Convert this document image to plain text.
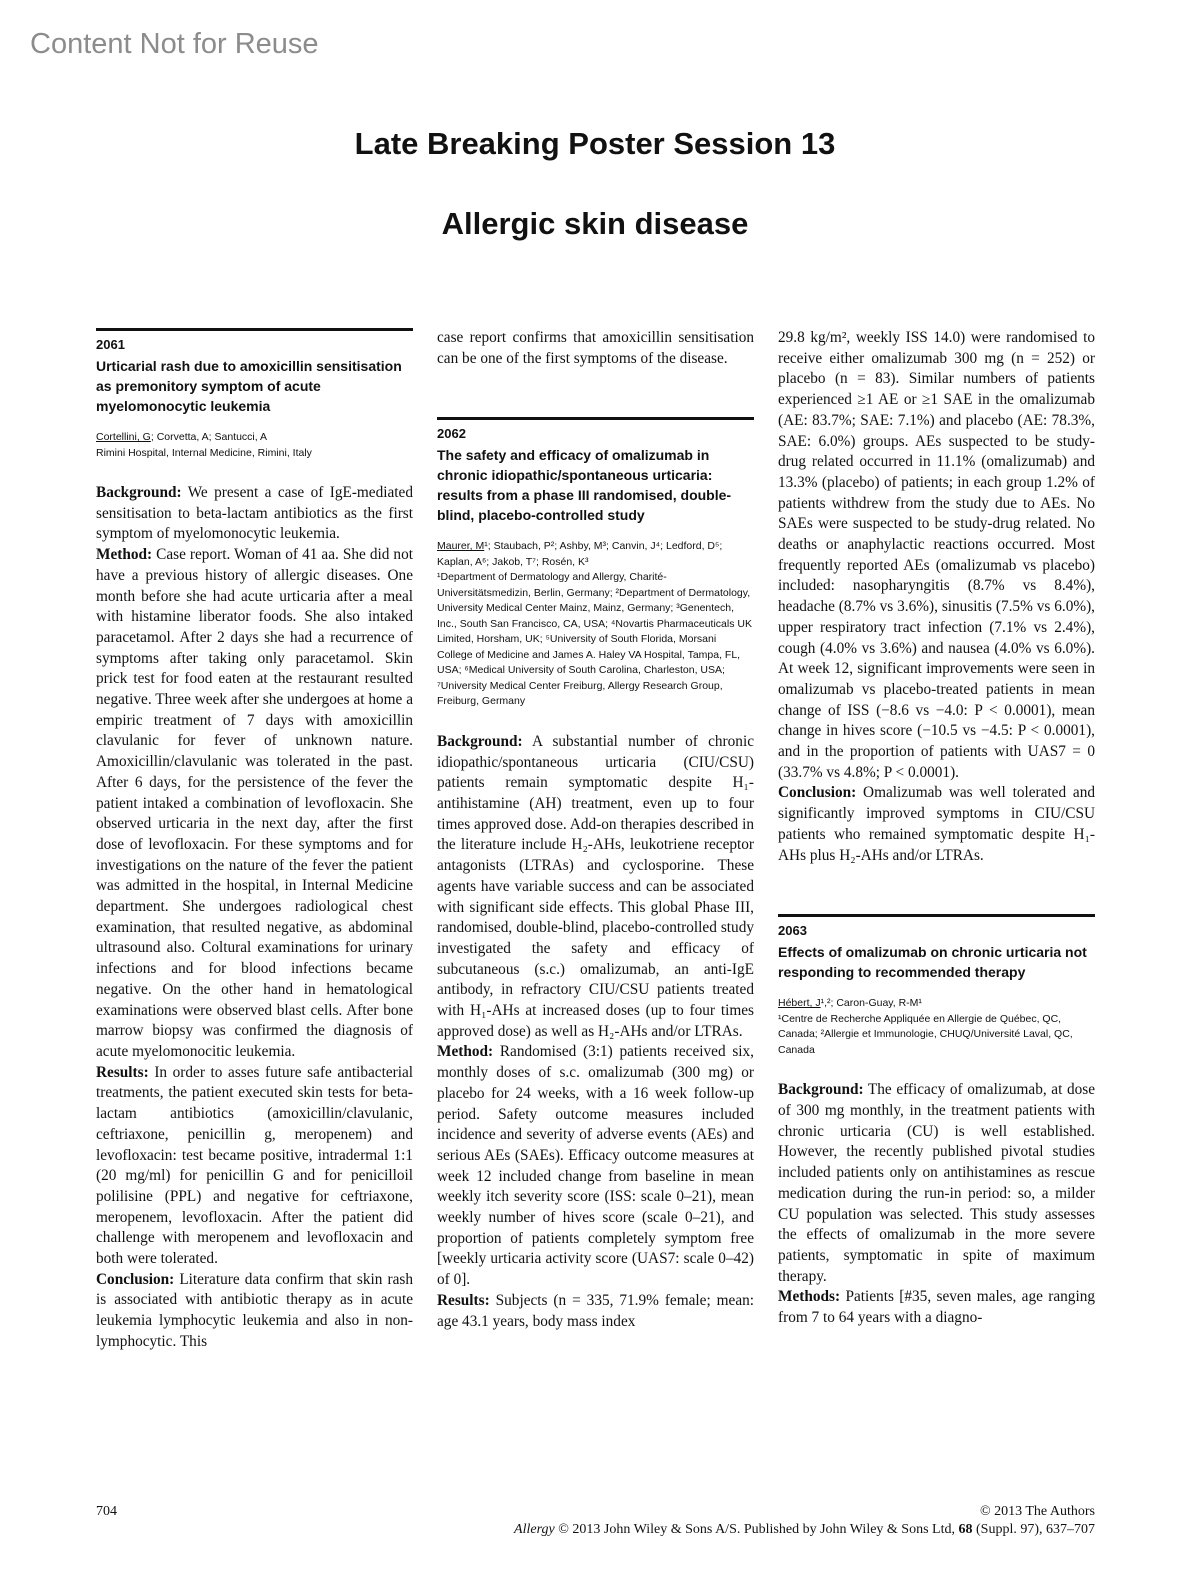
Content Not for Reuse
Late Breaking Poster Session 13
Allergic skin disease
2061
Urticarial rash due to amoxicillin sensitisation as premonitory symptom of acute myelomonocytic leukemia
Cortellini, G; Corvetta, A; Santucci, A
Rimini Hospital, Internal Medicine, Rimini, Italy

Background: We present a case of IgE-mediated sensitisation to beta-lactam antibiotics as the first symptom of myelomonocytic leukemia.

Method: Case report. Woman of 41 aa. She did not have a previous history of allergic diseases. One month before she had acute urticaria after a meal with histamine liberator foods. She also intaked paracetamol. After 2 days she had a recurrence of symptoms after taking only paracetamol. Skin prick test for food eaten at the restaurant resulted negative. Three week after she undergoes at home a empiric treatment of 7 days with amoxicillin clavulanic for fever of unknown nature. Amoxicillin/clavulanic was tolerated in the past. After 6 days, for the persistence of the fever the patient intaked a combination of levofloxacin. She observed urticaria in the next day, after the first dose of levofloxacin. For these symptoms and for investigations on the nature of the fever the patient was admitted in the hospital, in Internal Medicine department. She undergoes radiological chest examination, that resulted negative, as abdominal ultrasound also. Coltural examinations for urinary infections and for blood infections became negative. On the other hand in hematological examinations were observed blast cells. After bone marrow biopsy was confirmed the diagnosis of acute myelomonocitic leukemia.

Results: In order to asses future safe antibacterial treatments, the patient executed skin tests for beta-lactam antibiotics (amoxicillin/clavulanic, ceftriaxone, penicillin g, meropenem) and levofloxacin: test became positive, intradermal 1:1 (20 mg/ml) for penicillin G and for penicilloil polilisine (PPL) and negative for ceftriaxone, meropenem, levofloxacin. After the patient did challenge with meropenem and levofloxacin and both were tolerated.

Conclusion: Literature data confirm that skin rash is associated with antibiotic therapy as in acute leukemia lymphocytic leukemia and also in non-lymphocytic. This

case report confirms that amoxicillin sensitisation can be one of the first symptoms of the disease.

2062
The safety and efficacy of omalizumab in chronic idiopathic/spontaneous urticaria: results from a phase III randomised, double-blind, placebo-controlled study
Maurer, M¹; Staubach, P²; Ashby, M³; Canvin, J⁴; Ledford, D⁵; Kaplan, A⁶; Jakob, T⁷; Rosén, K³
¹Department of Dermatology and Allergy, Charité-Universitätsmedizin, Berlin, Germany; ²Department of Dermatology, University Medical Center Mainz, Mainz, Germany; ³Genentech, Inc., South San Francisco, CA, USA; ⁴Novartis Pharmaceuticals UK Limited, Horsham, UK; ⁵University of South Florida, Morsani College of Medicine and James A. Haley VA Hospital, Tampa, FL, USA; ⁶Medical University of South Carolina, Charleston, USA; ⁷University Medical Center Freiburg, Allergy Research Group, Freiburg, Germany

Background: A substantial number of chronic idiopathic/spontaneous urticaria (CIU/CSU) patients remain symptomatic despite H₁-antihistamine (AH) treatment, even up to four times approved dose. Add-on therapies described in the literature include H₂-AHs, leukotriene receptor antagonists (LTRAs) and cyclosporine. These agents have variable success and can be associated with significant side effects. This global Phase III, randomised, double-blind, placebo-controlled study investigated the safety and efficacy of subcutaneous (s.c.) omalizumab, an anti-IgE antibody, in refractory CIU/CSU patients treated with H₁-AHs at increased doses (up to four times approved dose) as well as H₂-AHs and/or LTRAs.

Method: Randomised (3:1) patients received six, monthly doses of s.c. omalizumab (300 mg) or placebo for 24 weeks, with a 16 week follow-up period. Safety outcome measures included incidence and severity of adverse events (AEs) and serious AEs (SAEs). Efficacy outcome measures at week 12 included change from baseline in mean weekly itch severity score (ISS: scale 0–21), mean weekly number of hives score (scale 0–21), and proportion of patients completely symptom free [weekly urticaria activity score (UAS7: scale 0–42) of 0].

Results: Subjects (n = 335, 71.9% female; mean: age 43.1 years, body mass index

29.8 kg/m², weekly ISS 14.0) were randomised to receive either omalizumab 300 mg (n = 252) or placebo (n = 83). Similar numbers of patients experienced ≥1 AE or ≥1 SAE in the omalizumab (AE: 83.7%; SAE: 7.1%) and placebo (AE: 78.3%, SAE: 6.0%) groups. AEs suspected to be study-drug related occurred in 11.1% (omalizumab) and 13.3% (placebo) of patients; in each group 1.2% of patients withdrew from the study due to AEs. No SAEs were suspected to be study-drug related. No deaths or anaphylactic reactions occurred. Most frequently reported AEs (omalizumab vs placebo) included: nasopharyngitis (8.7% vs 8.4%), headache (8.7% vs 3.6%), sinusitis (7.5% vs 6.0%), upper respiratory tract infection (7.1% vs 2.4%), cough (4.0% vs 3.6%) and nausea (4.0% vs 6.0%). At week 12, significant improvements were seen in omalizumab vs placebo-treated patients in mean change of ISS (−8.6 vs −4.0: P < 0.0001), mean change in hives score (−10.5 vs −4.5: P < 0.0001), and in the proportion of patients with UAS7 = 0 (33.7% vs 4.8%; P < 0.0001).

Conclusion: Omalizumab was well tolerated and significantly improved symptoms in CIU/CSU patients who remained symptomatic despite H₁-AHs plus H₂-AHs and/or LTRAs.

2063
Effects of omalizumab on chronic urticaria not responding to recommended therapy
Hébert, J¹,²; Caron-Guay, R-M¹
¹Centre de Recherche Appliquée en Allergie de Québec, QC, Canada; ²Allergie et Immunologie, CHUQ/Université Laval, QC, Canada

Background: The efficacy of omalizumab, at dose of 300 mg monthly, in the treatment patients with chronic urticaria (CU) is well established. However, the recently published pivotal studies included patients only on antihistamines as rescue medication during the run-in period: so, a milder CU population was selected. This study assesses the effects of omalizumab in the more severe patients, symptomatic in spite of maximum therapy.

Methods: Patients [#35, seven males, age ranging from 7 to 64 years with a diagno-

704	© 2013 The Authors
Allergy © 2013 John Wiley & Sons A/S. Published by John Wiley & Sons Ltd, 68 (Suppl. 97), 637–707
